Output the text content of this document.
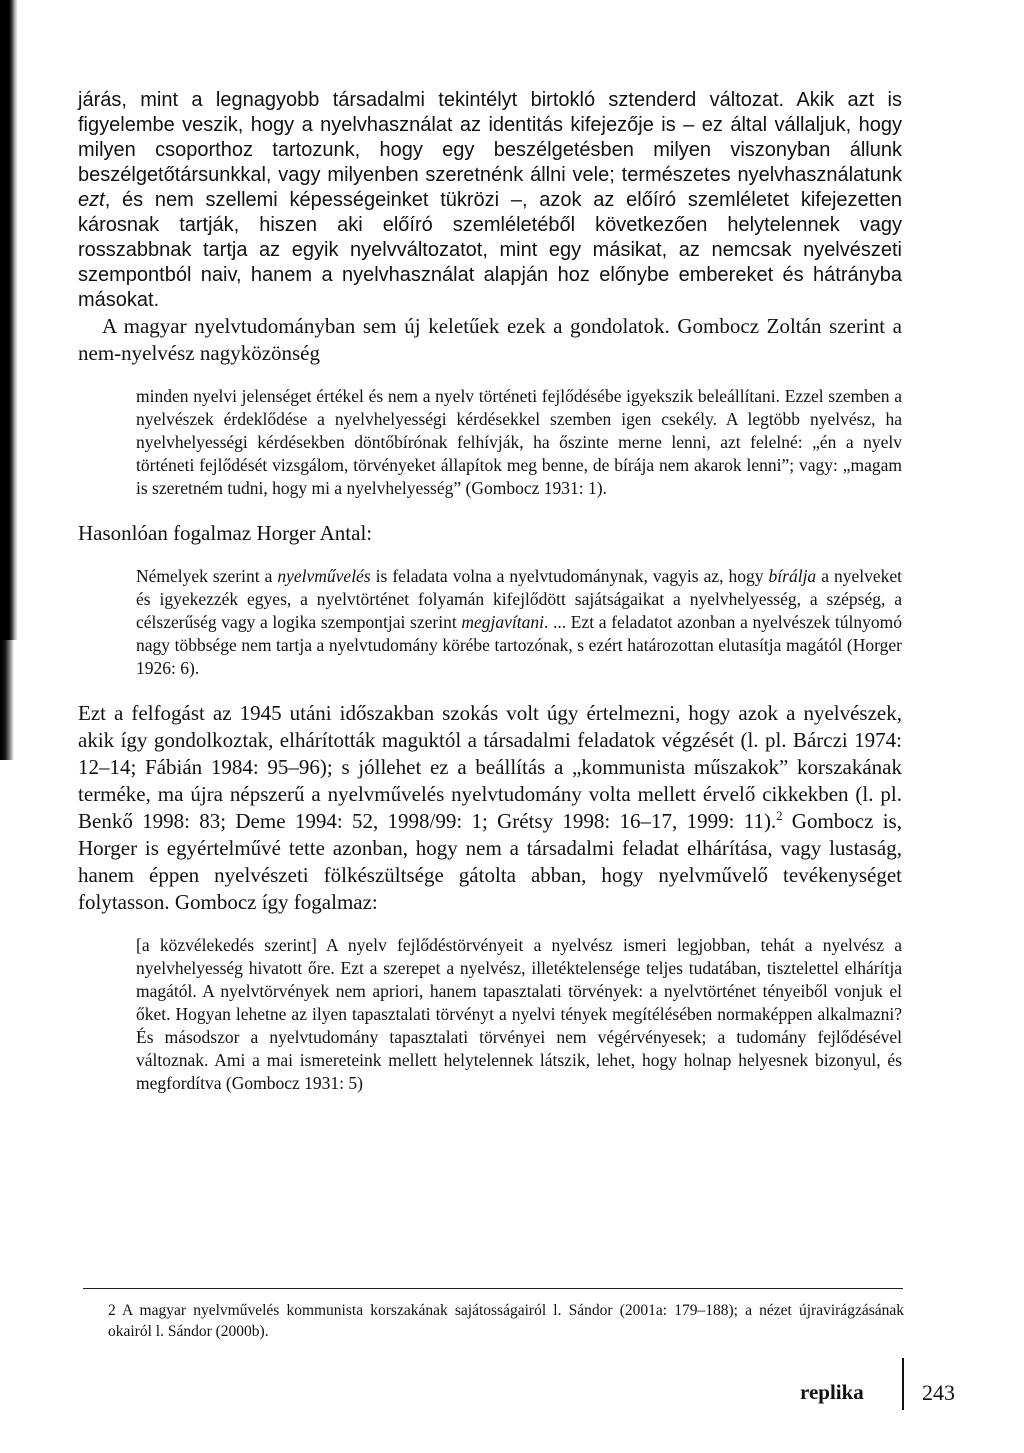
járás, mint a legnagyobb társadalmi tekintélyt birtokló sztenderd változat. Akik azt is figyelembe veszik, hogy a nyelvhasználat az identitás kifejezője is – ez által vállaljuk, hogy milyen csoporthoz tartozunk, hogy egy beszélgetésben milyen viszonyban állunk beszélgetőtársunkkal, vagy milyenben szeretnénk állni vele; természetes nyelvhasználatunk ezt, és nem szellemi képességeinket tükrözi –, azok az előíró szemléletet kifejezetten károsnak tartják, hiszen aki előíró szemléletéből következően helytelennek vagy rosszabbnak tartja az egyik nyelvváltozatot, mint egy másikat, az nemcsak nyelvészeti szempontból naiv, hanem a nyelvhasználat alapján hoz előnybe embereket és hátrányba másokat.

A magyar nyelvtudományban sem új keletűek ezek a gondolatok. Gombocz Zoltán szerint a nem-nyelvész nagyközönség

minden nyelvi jelenséget értékel és nem a nyelv történeti fejlődésébe igyekszik beleállítani. Ezzel szemben a nyelvészek érdeklődése a nyelvhelyességi kérdésekkel szemben igen csekély. A legtöbb nyelvész, ha nyelvhelyességi kérdésekben döntőbírónak felhívják, ha őszinte merne lenni, azt felelné: „én a nyelv történeti fejlődését vizsgálom, törvényeket állapítok meg benne, de bírája nem akarok lenni”; vagy: „magam is szeretném tudni, hogy mi a nyelvhelyesség” (Gombocz 1931: 1).

Hasonlóan fogalmaz Horger Antal:

Némelyek szerint a nyelvművelés is feladata volna a nyelvtudománynak, vagyis az, hogy bírálja a nyelveket és igyekezzék egyes, a nyelvtörténet folyamán kifejlődött sajátságaikat a nyelvhelyesség, a szépség, a célszerűség vagy a logika szempontjai szerint megjavítani. ... Ezt a feladatot azonban a nyelvészek túlnyomó nagy többsége nem tartja a nyelvtudomány körébe tartozónak, s ezért határozottan elutasítja magától (Horger 1926: 6).

Ezt a felfogást az 1945 utáni időszakban szokás volt úgy értelmezni, hogy azok a nyelvészek, akik így gondolkoztak, elhárították maguktól a társadalmi feladatok végzését (l. pl. Bárczi 1974: 12–14; Fábián 1984: 95–96); s jóllehet ez a beállítás a „kommunista műszakok” korszakának terméke, ma újra népszerű a nyelvművelés nyelvtudomány volta mellett érvelő cikkekben (l. pl. Benkő 1998: 83; Deme 1994: 52, 1998/99: 1; Grétsy 1998: 16–17, 1999: 11).$^2$ Gombocz is, Horger is egyértelművé tette azonban, hogy nem a társadalmi feladat elhárítása, vagy lustaság, hanem éppen nyelvészeti fölkészültsége gátolta abban, hogy nyelvművelő tevékenységet folytasson. Gombocz így fogalmaz:

[a közvélekedés szerint] A nyelv fejlődéstörvényeit a nyelvész ismeri legjobban, tehát a nyelvész a nyelvhelyesség hivatott őre. Ezt a szerepet a nyelvész, illetéktelensége teljes tudatában, tisztelettel elhárítja magától. A nyelvtörvények nem apriori, hanem tapasztalati törvények: a nyelvtörténet tényeiből vonjuk el őket. Hogyan lehetne az ilyen tapasztalati törvényt a nyelvi tények megítélésében normaképpen alkalmazni? És másodszor a nyelvtudomány tapasztalati törvényei nem végérvényesek; a tudomány fejlődésével változnak. Ami a mai ismereteink mellett helytelennek látszik, lehet, hogy holnap helyesnek bizonyul, és megfordítva (Gombocz 1931: 5)

2 A magyar nyelvművelés kommunista korszakának sajátosságairól l. Sándor (2001a: 179–188); a nézet újravirágzásának okairól l. Sándor (2000b).
replika	243
